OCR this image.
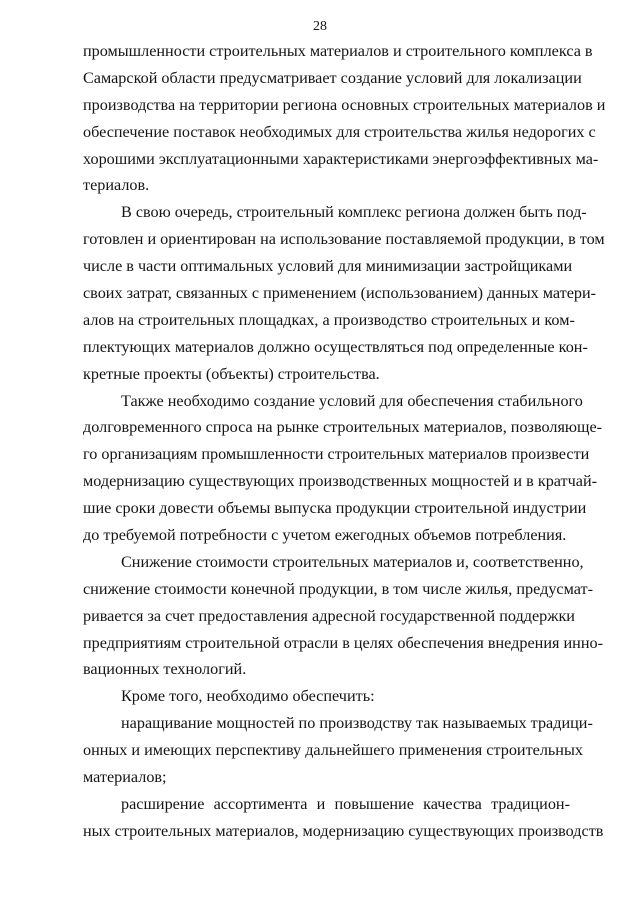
28
промышленности строительных материалов и строительного комплекса в
Самарской области предусматривает создание условий для локализации
производства на территории региона основных строительных материалов и
обеспечение поставок необходимых для строительства жилья недорогих с
хорошими эксплуатационными характеристиками энергоэффективных ма-
териалов.
В свою очередь, строительный комплекс региона должен быть под-
готовлен и ориентирован на использование поставляемой продукции, в том
числе в части оптимальных условий для минимизации застройщиками
своих затрат, связанных с применением (использованием) данных матери-
алов на строительных площадках, а производство строительных и ком-
плектующих материалов должно осуществляться под определенные кон-
кретные проекты (объекты) строительства.
Также необходимо создание условий для обеспечения стабильного
долговременного спроса на рынке строительных материалов, позволяюще-
го организациям промышленности строительных материалов произвести
модернизацию существующих производственных мощностей и в кратчай-
шие сроки довести объемы выпуска продукции строительной индустрии
до требуемой потребности с учетом ежегодных объемов потребления.
Снижение стоимости строительных материалов и, соответственно,
снижение стоимости конечной продукции, в том числе жилья, предусмат-
ривается за счет предоставления адресной государственной поддержки
предприятиям строительной отрасли в целях обеспечения внедрения инно-
вационных технологий.
Кроме того, необходимо обеспечить:
наращивание мощностей по производству так называемых традици-
онных и имеющих перспективу дальнейшего применения строительных
материалов;
расширение ассортимента и повышение качества традицион-
ных строительных материалов, модернизацию существующих производств
